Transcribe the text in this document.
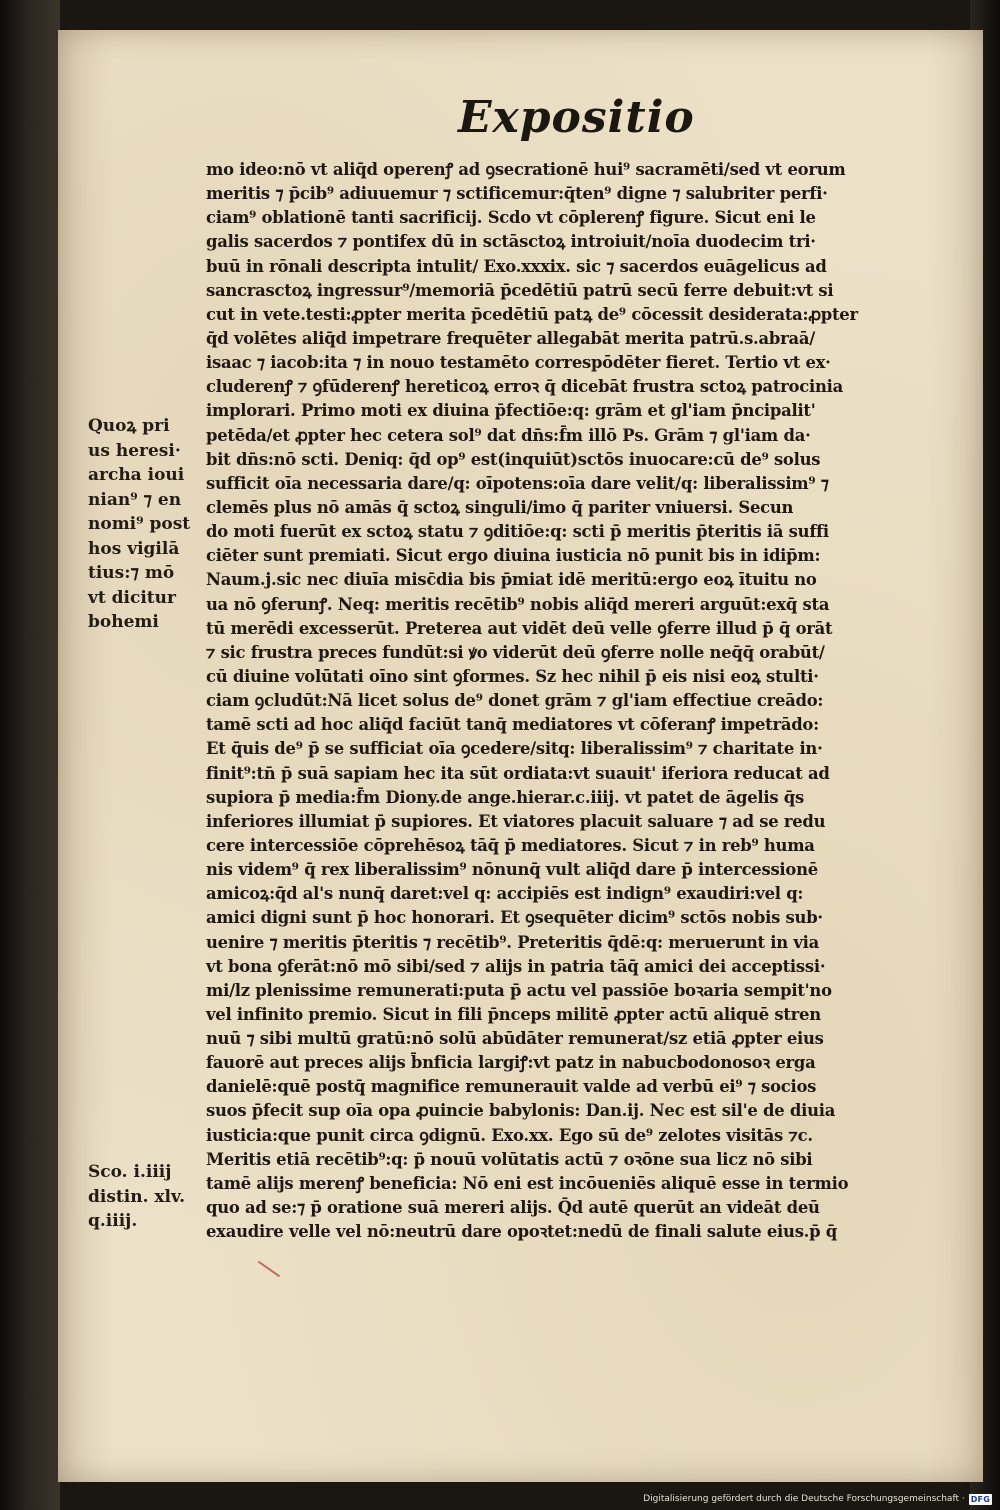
Expositio
Quoꝝ pri
us heresi·
archa ioui
nian⁹ ⁊ en
nomi⁹ post
hos vigilā
tius:⁊ mō
vt dicitur
bohemi
Sco. i.iiij
distin. xlv.
q.iiij.
mo ideo:nō vt aliq̄d operenꝭ ad ꝯsecrationē hui⁹ sacramēti/sed vt eorum
meritis ⁊ p̄cib⁹ adiuuemur ⁊ sctificemur:q̄ten⁹ digne ⁊ salubriter perfi·
ciam⁹ oblationē tanti sacrificij. Scdo vt cōplerenꝭ figure. Sicut eni le
galis sacerdos ⁊ pontifex dū in sctāsctoꝝ introiuit/noīa duodecim tri·
buū in rōnali descripta intulit/ Exo.xxxix. sic ⁊ sacerdos euāgelicus ad
sancrasctoꝝ ingressur⁹/memoriā p̄cedētiū patrū secū ferre debuit:vt si
cut in vete.testi:ꝓpter merita p̄cedētiū patꝝ de⁹ cōcessit desiderata:ꝓpter
q̄d volētes aliq̄d impetrare frequēter allegabāt merita patrū.s.abraā/
isaac ⁊ iacob:ita ⁊ in nouo testamēto correspōdēter fieret. Tertio vt ex·
cluderenꝭ ⁊ ꝯfūderenꝭ hereticoꝝ erroꝛ q̄ dicebāt frustra sctoꝝ patrocinia
implorari. Primo moti ex diuina p̄fectiōe:q: grām et gl'iam p̄ncipalit'
petēda/et ꝓpter hec cetera sol⁹ dat dn̄s:f̄m illō Ps. Grām ⁊ gl'iam da·
bit dn̄s:nō scti. Deniq: q̄d op⁹ est(inquiūt)sctōs inuocare:cū de⁹ solus
sufficit oīa necessaria dare/q: oīpotens:oīa dare velit/q: liberalissim⁹ ⁊
clemēs plus nō amās q̄ sctoꝝ singuli/imo q̄ pariter vniuersi. Secun
do moti fuerūt ex sctoꝝ statu ⁊ ꝯditiōe:q: scti p̄ meritis p̄teritis iā suffi
ciēter sunt premiati. Sicut ergo diuina iusticia nō punit bis in idip̄m:
Naum.j.sic nec diuīa misc̄dia bis p̄miat idē meritū:ergo eoꝝ ītuitu no
ua nō ꝯferunꝭ. Neq: meritis recētib⁹ nobis aliq̄d mereri arguūt:exq̄ sta
tū merēdi excesserūt. Preterea aut vidēt deū velle ꝯferre illud p̄ q̄ orāt
⁊ sic frustra preces fundūt:si ꝟo viderūt deū ꝯferre nolle neq̄q̄ orabūt/
cū diuine volūtati oīno sint ꝯformes. Sz hec nihil p̄ eis nisi eoꝝ stulti·
ciam ꝯcludūt:Nā licet solus de⁹ donet grām ⁊ gl'iam effectiue creādo:
tamē scti ad hoc aliq̄d faciūt tanq̄ mediatores vt cōferanꝭ impetrādo:
Et q̄uis de⁹ p̄ se sufficiat oīa ꝯcedere/sitq: liberalissim⁹ ⁊ charitate in·
finit⁹:tn̄ p̄ suā sapiam hec ita sūt ordiata:vt suauit' iferiora reducat ad
supiora p̄ media:f̄m Diony.de ange.hierar.c.iiij. vt patet de āgelis q̄s
inferiores illumiat p̄ supiores. Et viatores placuit saluare ⁊ ad se redu
cere intercessiōe cōprehēsoꝝ tāq̄ p̄ mediatores. Sicut ⁊ in reb⁹ huma
nis videm⁹ q̄ rex liberalissim⁹ nōnunq̄ vult aliq̄d dare p̄ intercessionē
amicoꝝ:q̄d al's nunq̄ daret:vel q: accipiēs est indign⁹ exaudiri:vel q:
amici digni sunt p̄ hoc honorari. Et ꝯsequēter dicim⁹ sctōs nobis sub·
uenire ⁊ meritis p̄teritis ⁊ recētib⁹. Preteritis q̄dē:q: meruerunt in via
vt bona ꝯferāt:nō mō sibi/sed ⁊ alijs in patria tāq̄ amici dei acceptissi·
mi/lz plenissime remunerati:puta p̄ actu vel passiōe boꝛaria sempit'no
vel infinito premio. Sicut in fili p̄nceps militē ꝓpter actū aliquē stren
nuū ⁊ sibi multū gratū:nō solū abūdāter remunerat/sz etiā ꝓpter eius
fauorē aut preces alijs b̄nficia largiꝭ:vt patz in nabucbodonosoꝛ erga
danielē:quē postq̄ magnifice remunerauit valde ad verbū ei⁹ ⁊ socios
suos p̄fecit sup oīa opa ꝓuincie babylonis: Dan.ij. Nec est sil'e de diuia
iusticia:que punit circa ꝯdignū. Exo.xx. Ego sū de⁹ zelotes visitās ⁊c.
Meritis etiā recētib⁹:q: p̄ nouū volūtatis actū ⁊ oꝛōne sua licz nō sibi
tamē alijs merenꝭ beneficia: Nō eni est incōueniēs aliquē esse in termio
quo ad se:⁊ p̄ oratione suā mereri alijs. Q̄d autē querūt an videāt deū
exaudire velle vel nō:neutrū dare opoꝛtet:nedū de finali salute eius.p̄ q̄
Digitalisierung gefördert durch die Deutsche Forschungsgemeinschaft · DFG
